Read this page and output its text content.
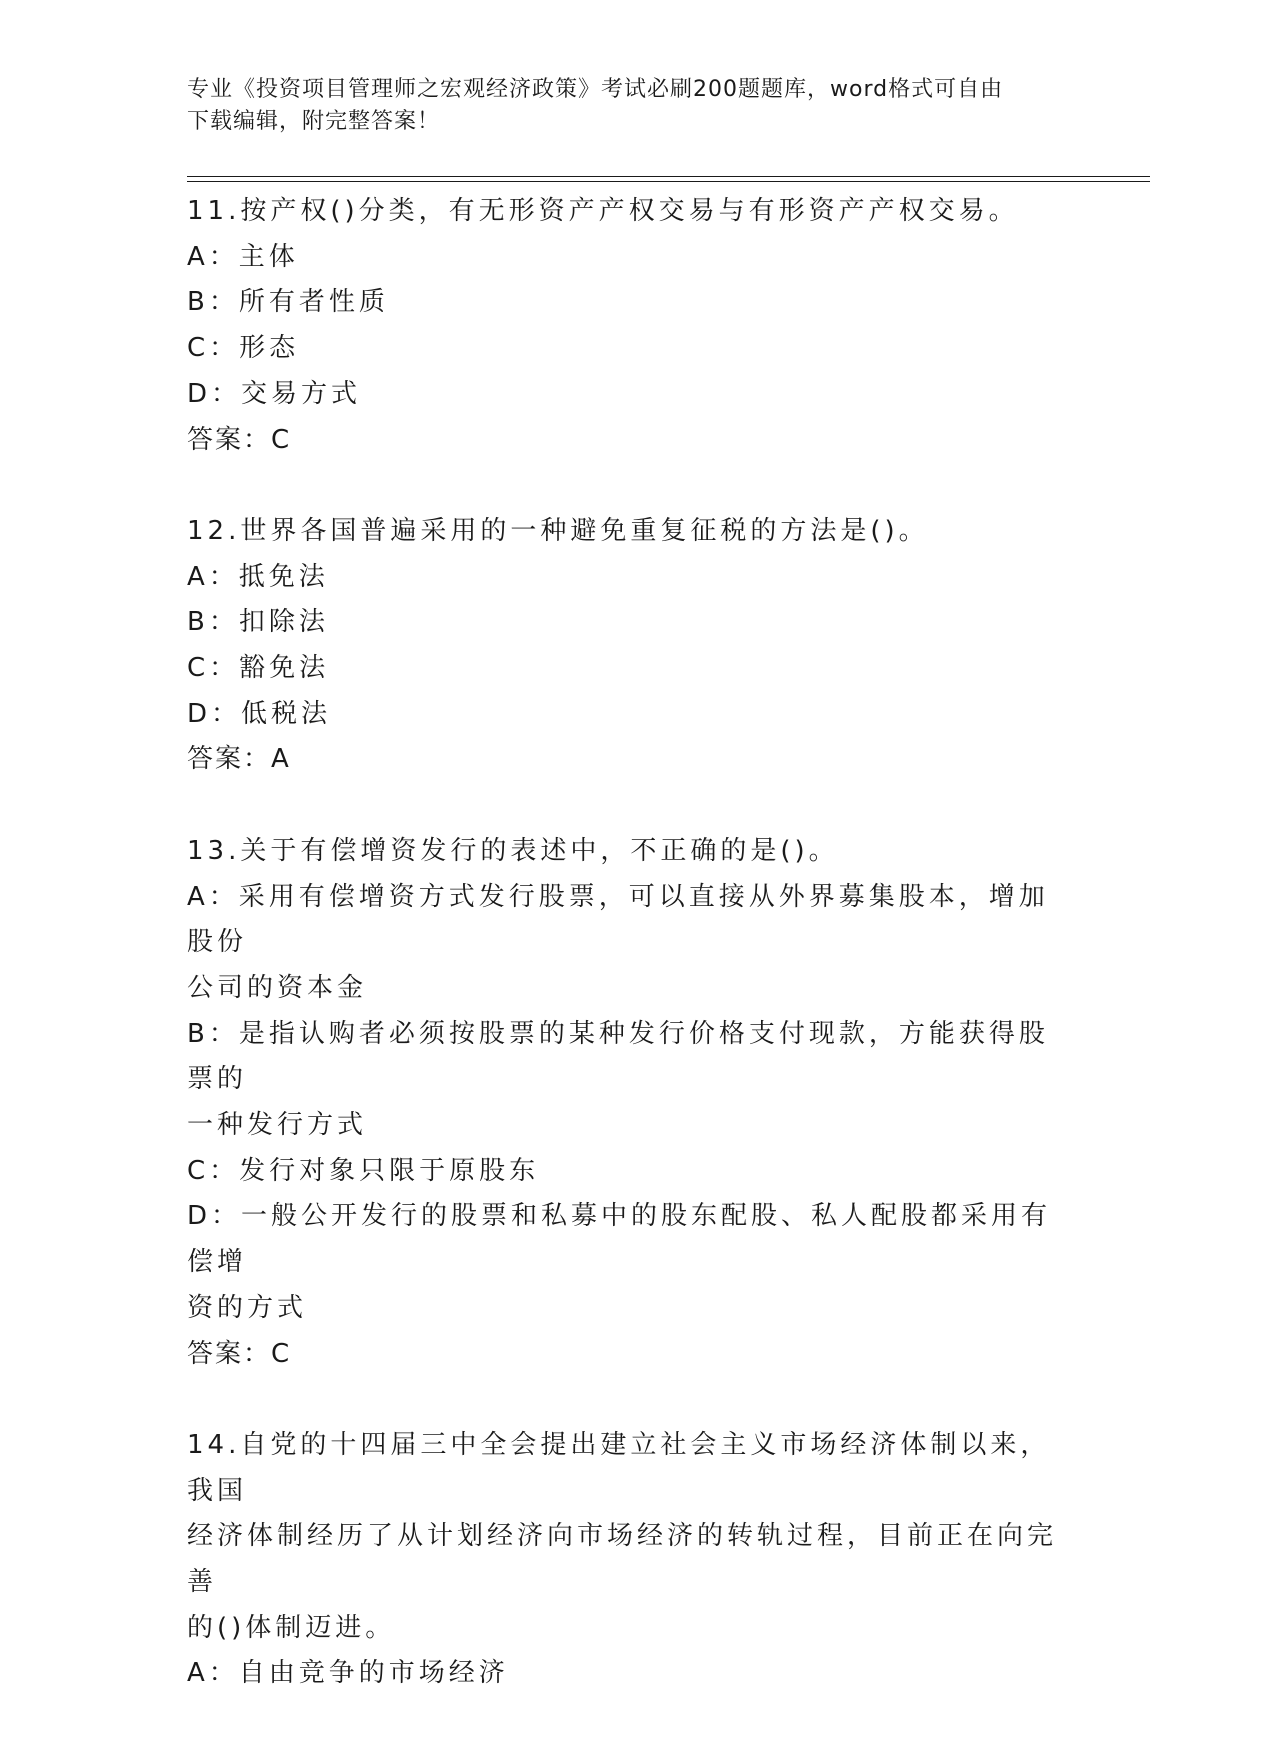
专业《投资项目管理师之宏观经济政策》考试必刷200题题库，word格式可自由
下载编辑，附完整答案！
11.按产权()分类，有无形资产产权交易与有形资产产权交易。
A：主体
B：所有者性质
C：形态
D：交易方式
答案：C
12.世界各国普遍采用的一种避免重复征税的方法是()。
A：抵免法
B：扣除法
C：豁免法
D：低税法
答案：A
13.关于有偿增资发行的表述中，不正确的是()。
A：采用有偿增资方式发行股票，可以直接从外界募集股本，增加股份
公司的资本金
B：是指认购者必须按股票的某种发行价格支付现款，方能获得股票的
一种发行方式
C：发行对象只限于原股东
D：一般公开发行的股票和私募中的股东配股、私人配股都采用有偿增
资的方式
答案：C
14.自党的十四届三中全会提出建立社会主义市场经济体制以来，我国
经济体制经历了从计划经济向市场经济的转轨过程，目前正在向完善
的()体制迈进。
A：自由竞争的市场经济
